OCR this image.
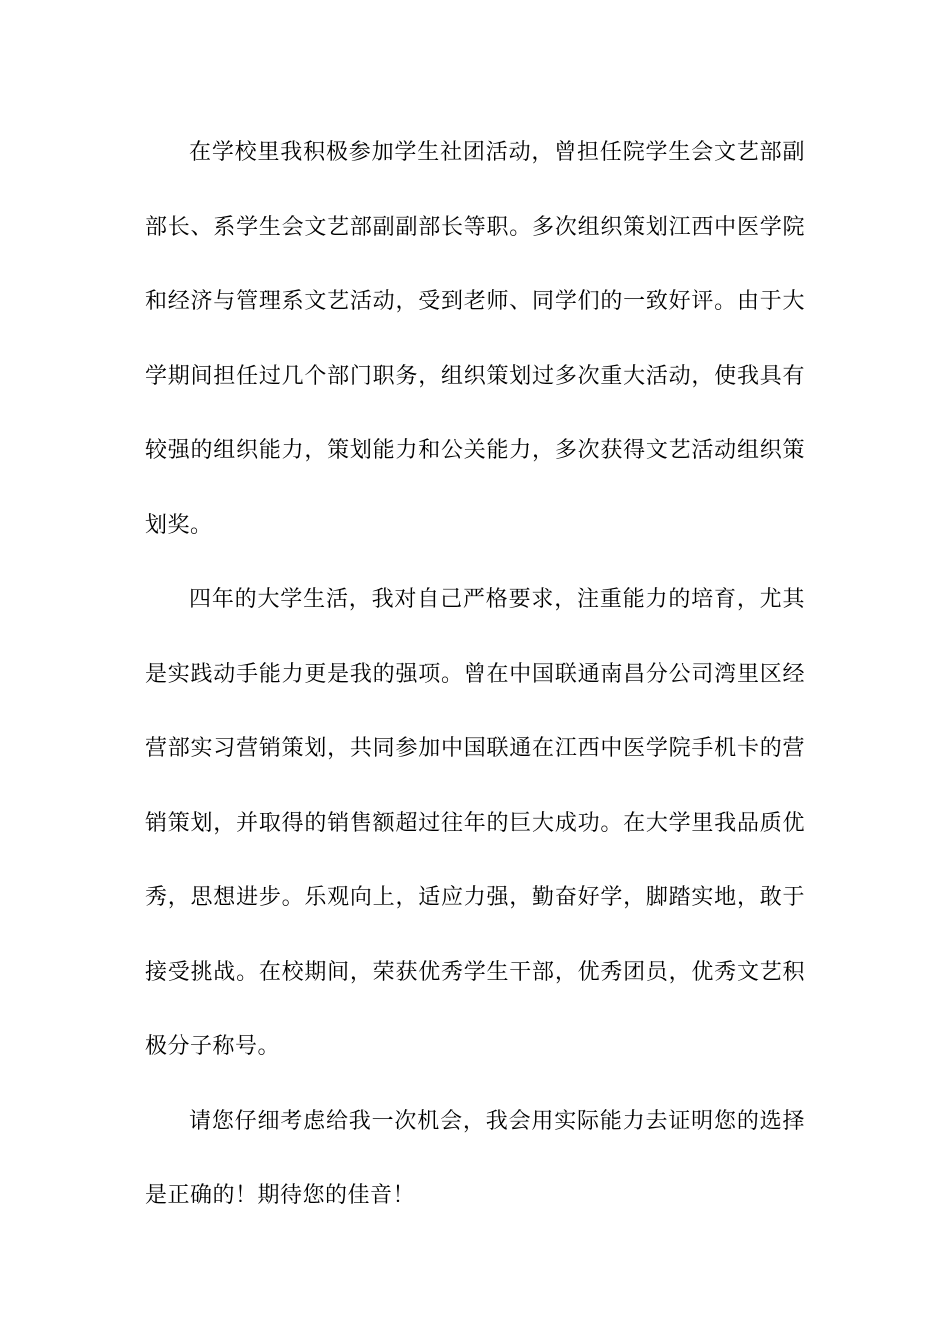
在学校里我积极参加学生社团活动，曾担任院学生会文艺部副部长、系学生会文艺部副副部长等职。多次组织策划江西中医学院和经济与管理系文艺活动，受到老师、同学们的一致好评。由于大学期间担任过几个部门职务，组织策划过多次重大活动，使我具有较强的组织能力，策划能力和公关能力，多次获得文艺活动组织策划奖。

四年的大学生活，我对自己严格要求，注重能力的培育，尤其是实践动手能力更是我的强项。曾在中国联通南昌分公司湾里区经营部实习营销策划，共同参加中国联通在江西中医学院手机卡的营销策划，并取得的销售额超过往年的巨大成功。在大学里我品质优秀，思想进步。乐观向上，适应力强，勤奋好学，脚踏实地，敢于接受挑战。在校期间，荣获优秀学生干部，优秀团员，优秀文艺积极分子称号。

请您仔细考虑给我一次机会，我会用实际能力去证明您的选择是正确的！期待您的佳音！
